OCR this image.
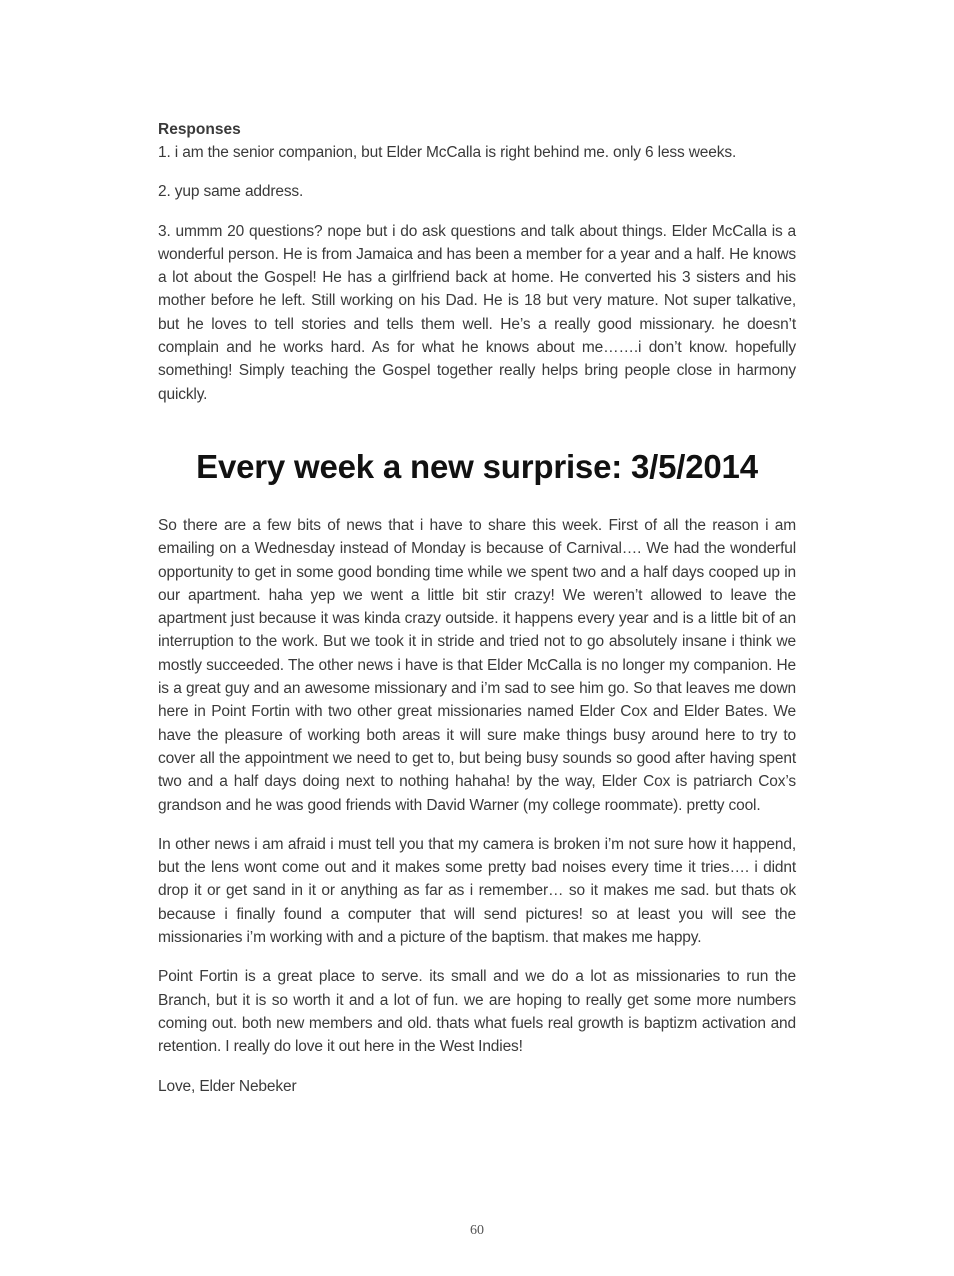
Responses

1. i am the senior companion, but Elder McCalla is right behind me. only 6 less weeks.

2. yup same address.

3. ummm 20 questions? nope but i do ask questions and talk about things. Elder McCalla is a wonderful person. He is from Jamaica and has been a member for a year and a half. He knows a lot about the Gospel! He has a girlfriend back at home. He converted his 3 sisters and his mother before he left. Still working on his Dad. He is 18 but very mature. Not super talkative, but he loves to tell stories and tells them well. He’s a really good missionary. he doesn’t complain and he works hard. As for what he knows about me…….i don’t know. hopefully something! Simply teaching the Gospel together really helps bring people close in harmony quickly.

Every week a new surprise: 3/5/2014

So there are a few bits of news that i have to share this week. First of all the reason i am emailing on a Wednesday instead of Monday is because of Carnival…. We had the wonderful opportunity to get in some good bonding time while we spent two and a half days cooped up in our apartment. haha yep we went a little bit stir crazy! We weren’t allowed to leave the apartment just because it was kinda crazy outside. it happens every year and is a little bit of an interruption to the work. But we took it in stride and tried not to go absolutely insane i think we mostly succeeded. The other news i have is that Elder McCalla is no longer my companion. He is a great guy and an awesome missionary and i’m sad to see him go. So that leaves me down here in Point Fortin with two other great missionaries named Elder Cox and Elder Bates. We have the pleasure of working both areas it will sure make things busy around here to try to cover all the appointment we need to get to, but being busy sounds so good after having spent two and a half days doing next to nothing hahaha! by the way, Elder Cox is patriarch Cox’s grandson and he was good friends with David Warner (my college roommate). pretty cool.

In other news i am afraid i must tell you that my camera is broken i’m not sure how it happend, but the lens wont come out and it makes some pretty bad noises every time it tries…. i didnt drop it or get sand in it or anything as far as i remember… so it makes me sad. but thats ok because i finally found a computer that will send pictures! so at least you will see the missionaries i’m working with and a picture of the baptism. that makes me happy.

Point Fortin is a great place to serve. its small and we do a lot as missionaries to run the Branch, but it is so worth it and a lot of fun. we are hoping to really get some more numbers coming out. both new members and old. thats what fuels real growth is baptizm activation and retention. I really do love it out here in the West Indies!

Love, Elder Nebeker

60
